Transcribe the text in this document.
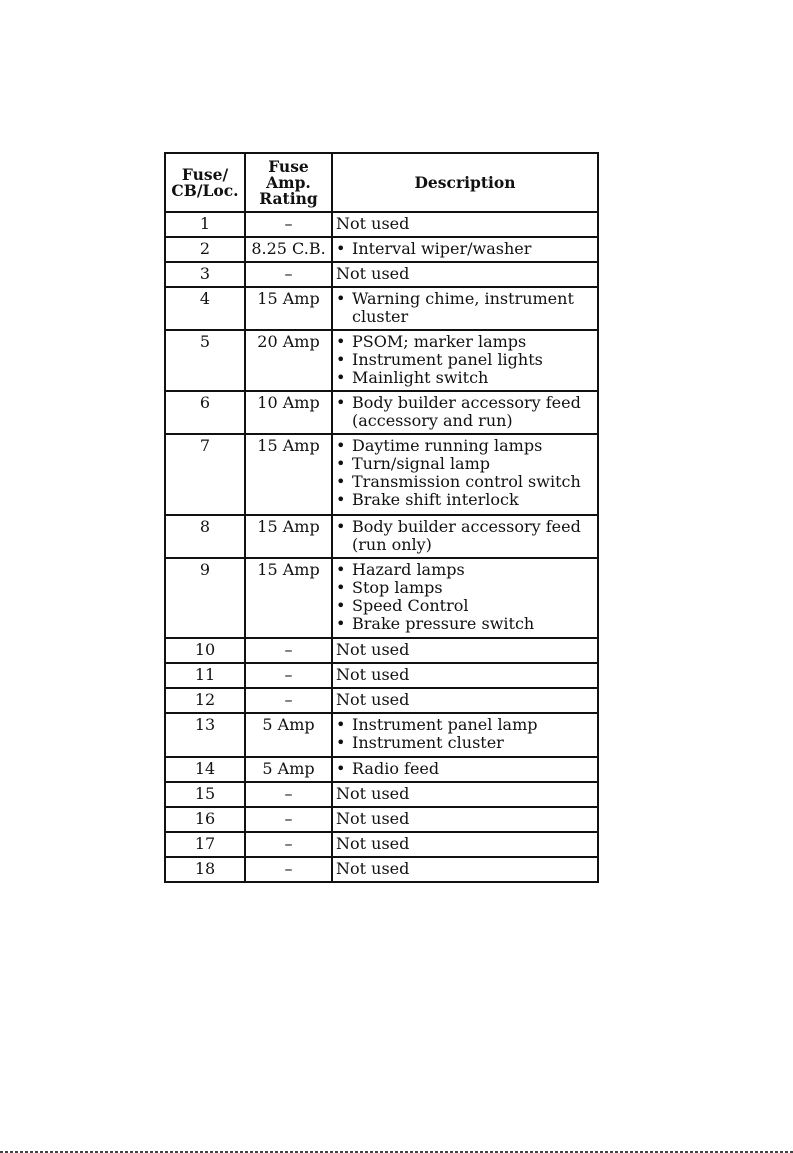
Fuse/
CB/Loc.	Fuse
Amp.
Rating	Description
1	–	Not used
2	8.25 C.B.	• Interval wiper/washer

3	–	Not used
4	15 Amp	• Warning chime, instrument
cluster

5	20 Amp	• PSOM; marker lamps
• Instrument panel lights
• Mainlight switch

6	10 Amp	• Body builder accessory feed
(accessory and run)

7	15 Amp	• Daytime running lamps
• Turn/signal lamp
• Transmission control switch
• Brake shift interlock

8	15 Amp	• Body builder accessory feed
(run only)

9	15 Amp	• Hazard lamps
• Stop lamps
• Speed Control
• Brake pressure switch

10	–	Not used
11	–	Not used
12	–	Not used
13	5 Amp	• Instrument panel lamp
• Instrument cluster

14	5 Amp	• Radio feed

15	–	Not used
16	–	Not used
17	–	Not used
18	–	Not used
